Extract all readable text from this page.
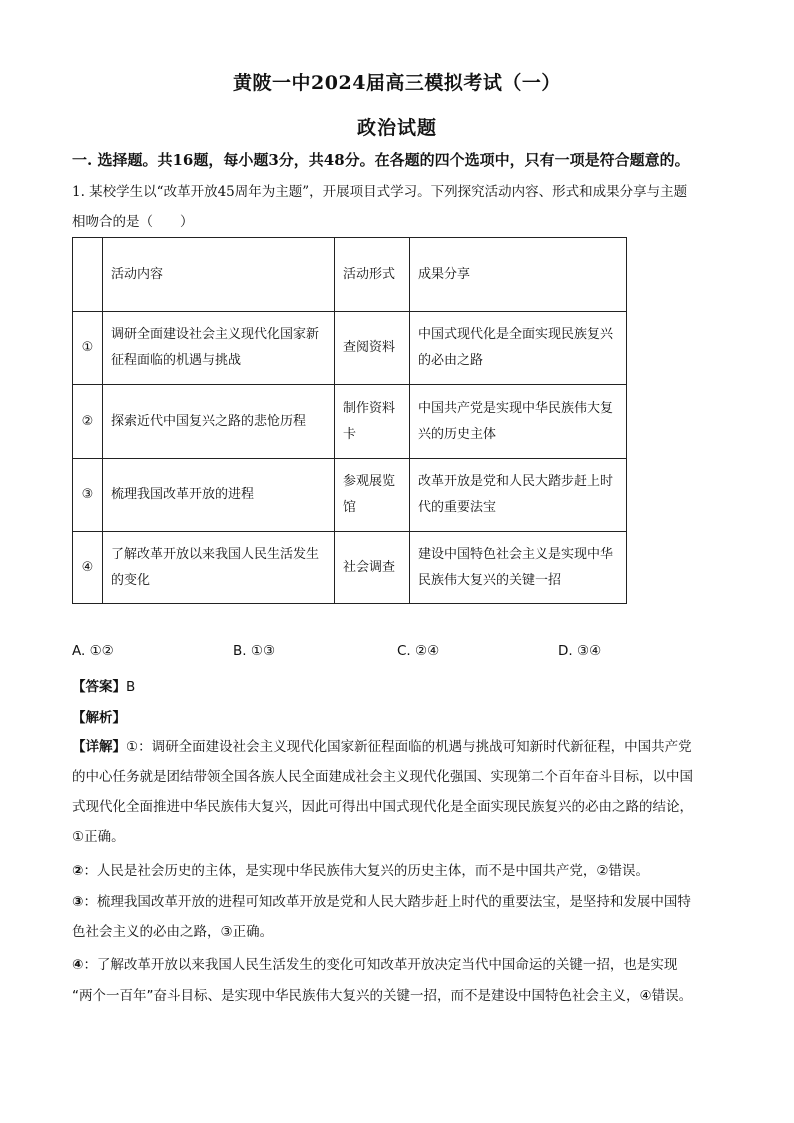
黄陂一中2024届高三模拟考试（一）
政治试题
一. 选择题。共16题，每小题3分，共48分。在各题的四个选项中，只有一项是符合题意的。
1. 某校学生以“改革开放45周年为主题”，开展项目式学习。下列探究活动内容、形式和成果分享与主题
相吻合的是（　　）
	活动内容	活动形式	成果分享
①	调研全面建设社会主义现代化国家新征程面临的机遇与挑战	查阅资料	中国式现代化是全面实现民族复兴的必由之路
②	探索近代中国复兴之路的悲怆历程	制作资料卡	中国共产党是实现中华民族伟大复兴的历史主体
③	梳理我国改革开放的进程	参观展览馆	改革开放是党和人民大踏步赶上时代的重要法宝
④	了解改革开放以来我国人民生活发生的变化	社会调查	建设中国特色社会主义是实现中华民族伟大复兴的关键一招
A. ①②	B. ①③	C. ②④	D. ③④
【答案】B
【解析】
【详解】①：调研全面建设社会主义现代化国家新征程面临的机遇与挑战可知新时代新征程，中国共产党
的中心任务就是团结带领全国各族人民全面建成社会主义现代化强国、实现第二个百年奋斗目标，以中国
式现代化全面推进中华民族伟大复兴，因此可得出中国式现代化是全面实现民族复兴的必由之路的结论，
①正确。
②：人民是社会历史的主体，是实现中华民族伟大复兴的历史主体，而不是中国共产党，②错误。
③：梳理我国改革开放的进程可知改革开放是党和人民大踏步赶上时代的重要法宝，是坚持和发展中国特
色社会主义的必由之路，③正确。
④：了解改革开放以来我国人民生活发生的变化可知改革开放决定当代中国命运的关键一招，也是实现
“两个一百年”奋斗目标、是实现中华民族伟大复兴的关键一招，而不是建设中国特色社会主义，④错误。
